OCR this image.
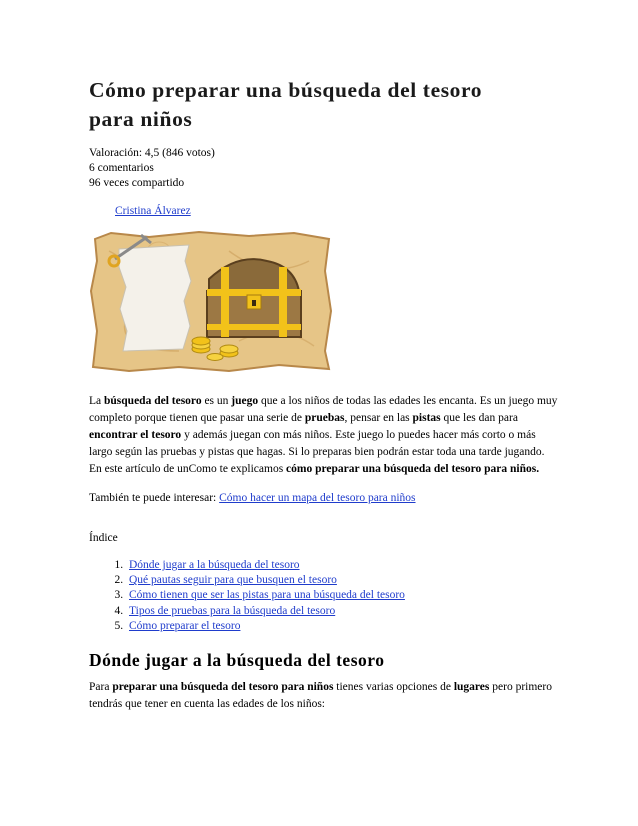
Cómo preparar una búsqueda del tesoro
para niños
Valoración: 4,5 (846 votos)
6 comentarios
96 veces compartido
Cristina Álvarez
La búsqueda del tesoro es un juego que a los niños de todas las edades les encanta. Es un juego muy completo porque tienen que pasar una serie de pruebas, pensar en las pistas que les dan para encontrar el tesoro y además juegan con más niños. Este juego lo puedes hacer más corto o más largo según las pruebas y pistas que hagas. Si lo preparas bien podrán estar toda una tarde jugando. En este artículo de unComo te explicamos cómo preparar una búsqueda del tesoro para niños.
También te puede interesar: Cómo hacer un mapa del tesoro para niños
Índice
1. Dónde jugar a la búsqueda del tesoro
2. Qué pautas seguir para que busquen el tesoro
3. Cómo tienen que ser las pistas para una búsqueda del tesoro
4. Tipos de pruebas para la búsqueda del tesoro
5. Cómo preparar el tesoro
Dónde jugar a la búsqueda del tesoro
Para preparar una búsqueda del tesoro para niños tienes varias opciones de lugares pero primero tendrás que tener en cuenta las edades de los niños:
